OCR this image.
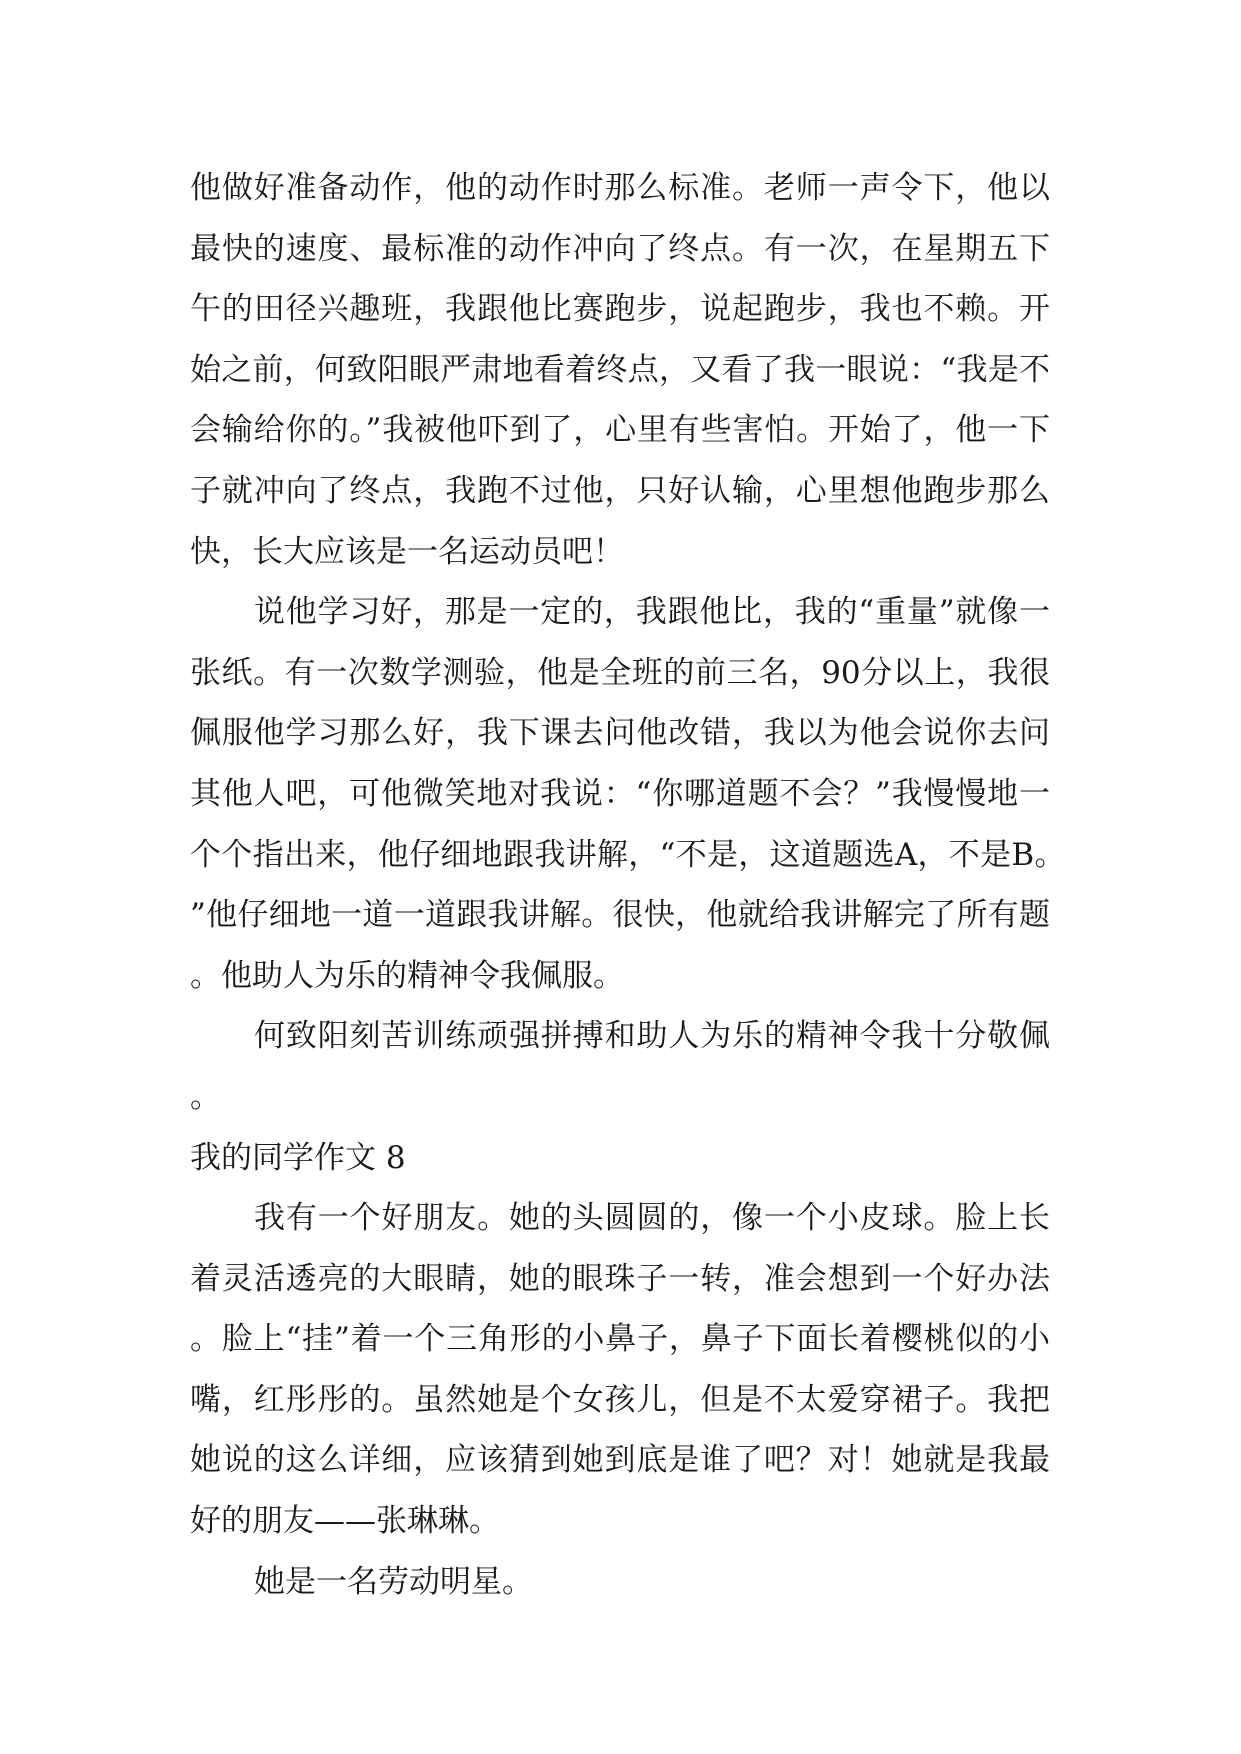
他做好准备动作，他的动作时那么标准。老师一声令下，他以最快的速度、最标准的动作冲向了终点。有一次，在星期五下午的田径兴趣班，我跟他比赛跑步，说起跑步，我也不赖。开始之前，何致阳眼严肃地看着终点，又看了我一眼说：“我是不会输给你的。”我被他吓到了，心里有些害怕。开始了，他一下子就冲向了终点，我跑不过他，只好认输，心里想他跑步那么快，长大应该是一名运动员吧！

说他学习好，那是一定的，我跟他比，我的“重量”就像一张纸。有一次数学测验，他是全班的前三名，90分以上，我很佩服他学习那么好，我下课去问他改错，我以为他会说你去问其他人吧，可他微笑地对我说：“你哪道题不会？”我慢慢地一个个指出来，他仔细地跟我讲解，“不是，这道题选A，不是B。”他仔细地一道一道跟我讲解。很快，他就给我讲解完了所有题。他助人为乐的精神令我佩服。

何致阳刻苦训练顽强拼搏和助人为乐的精神令我十分敬佩。

我的同学作文 8

我有一个好朋友。她的头圆圆的，像一个小皮球。脸上长着灵活透亮的大眼睛，她的眼珠子一转，准会想到一个好办法。脸上“挂”着一个三角形的小鼻子，鼻子下面长着樱桃似的小嘴，红彤彤的。虽然她是个女孩儿，但是不太爱穿裙子。我把她说的这么详细，应该猜到她到底是谁了吧？对！她就是我最好的朋友——张琳琳。

她是一名劳动明星。
